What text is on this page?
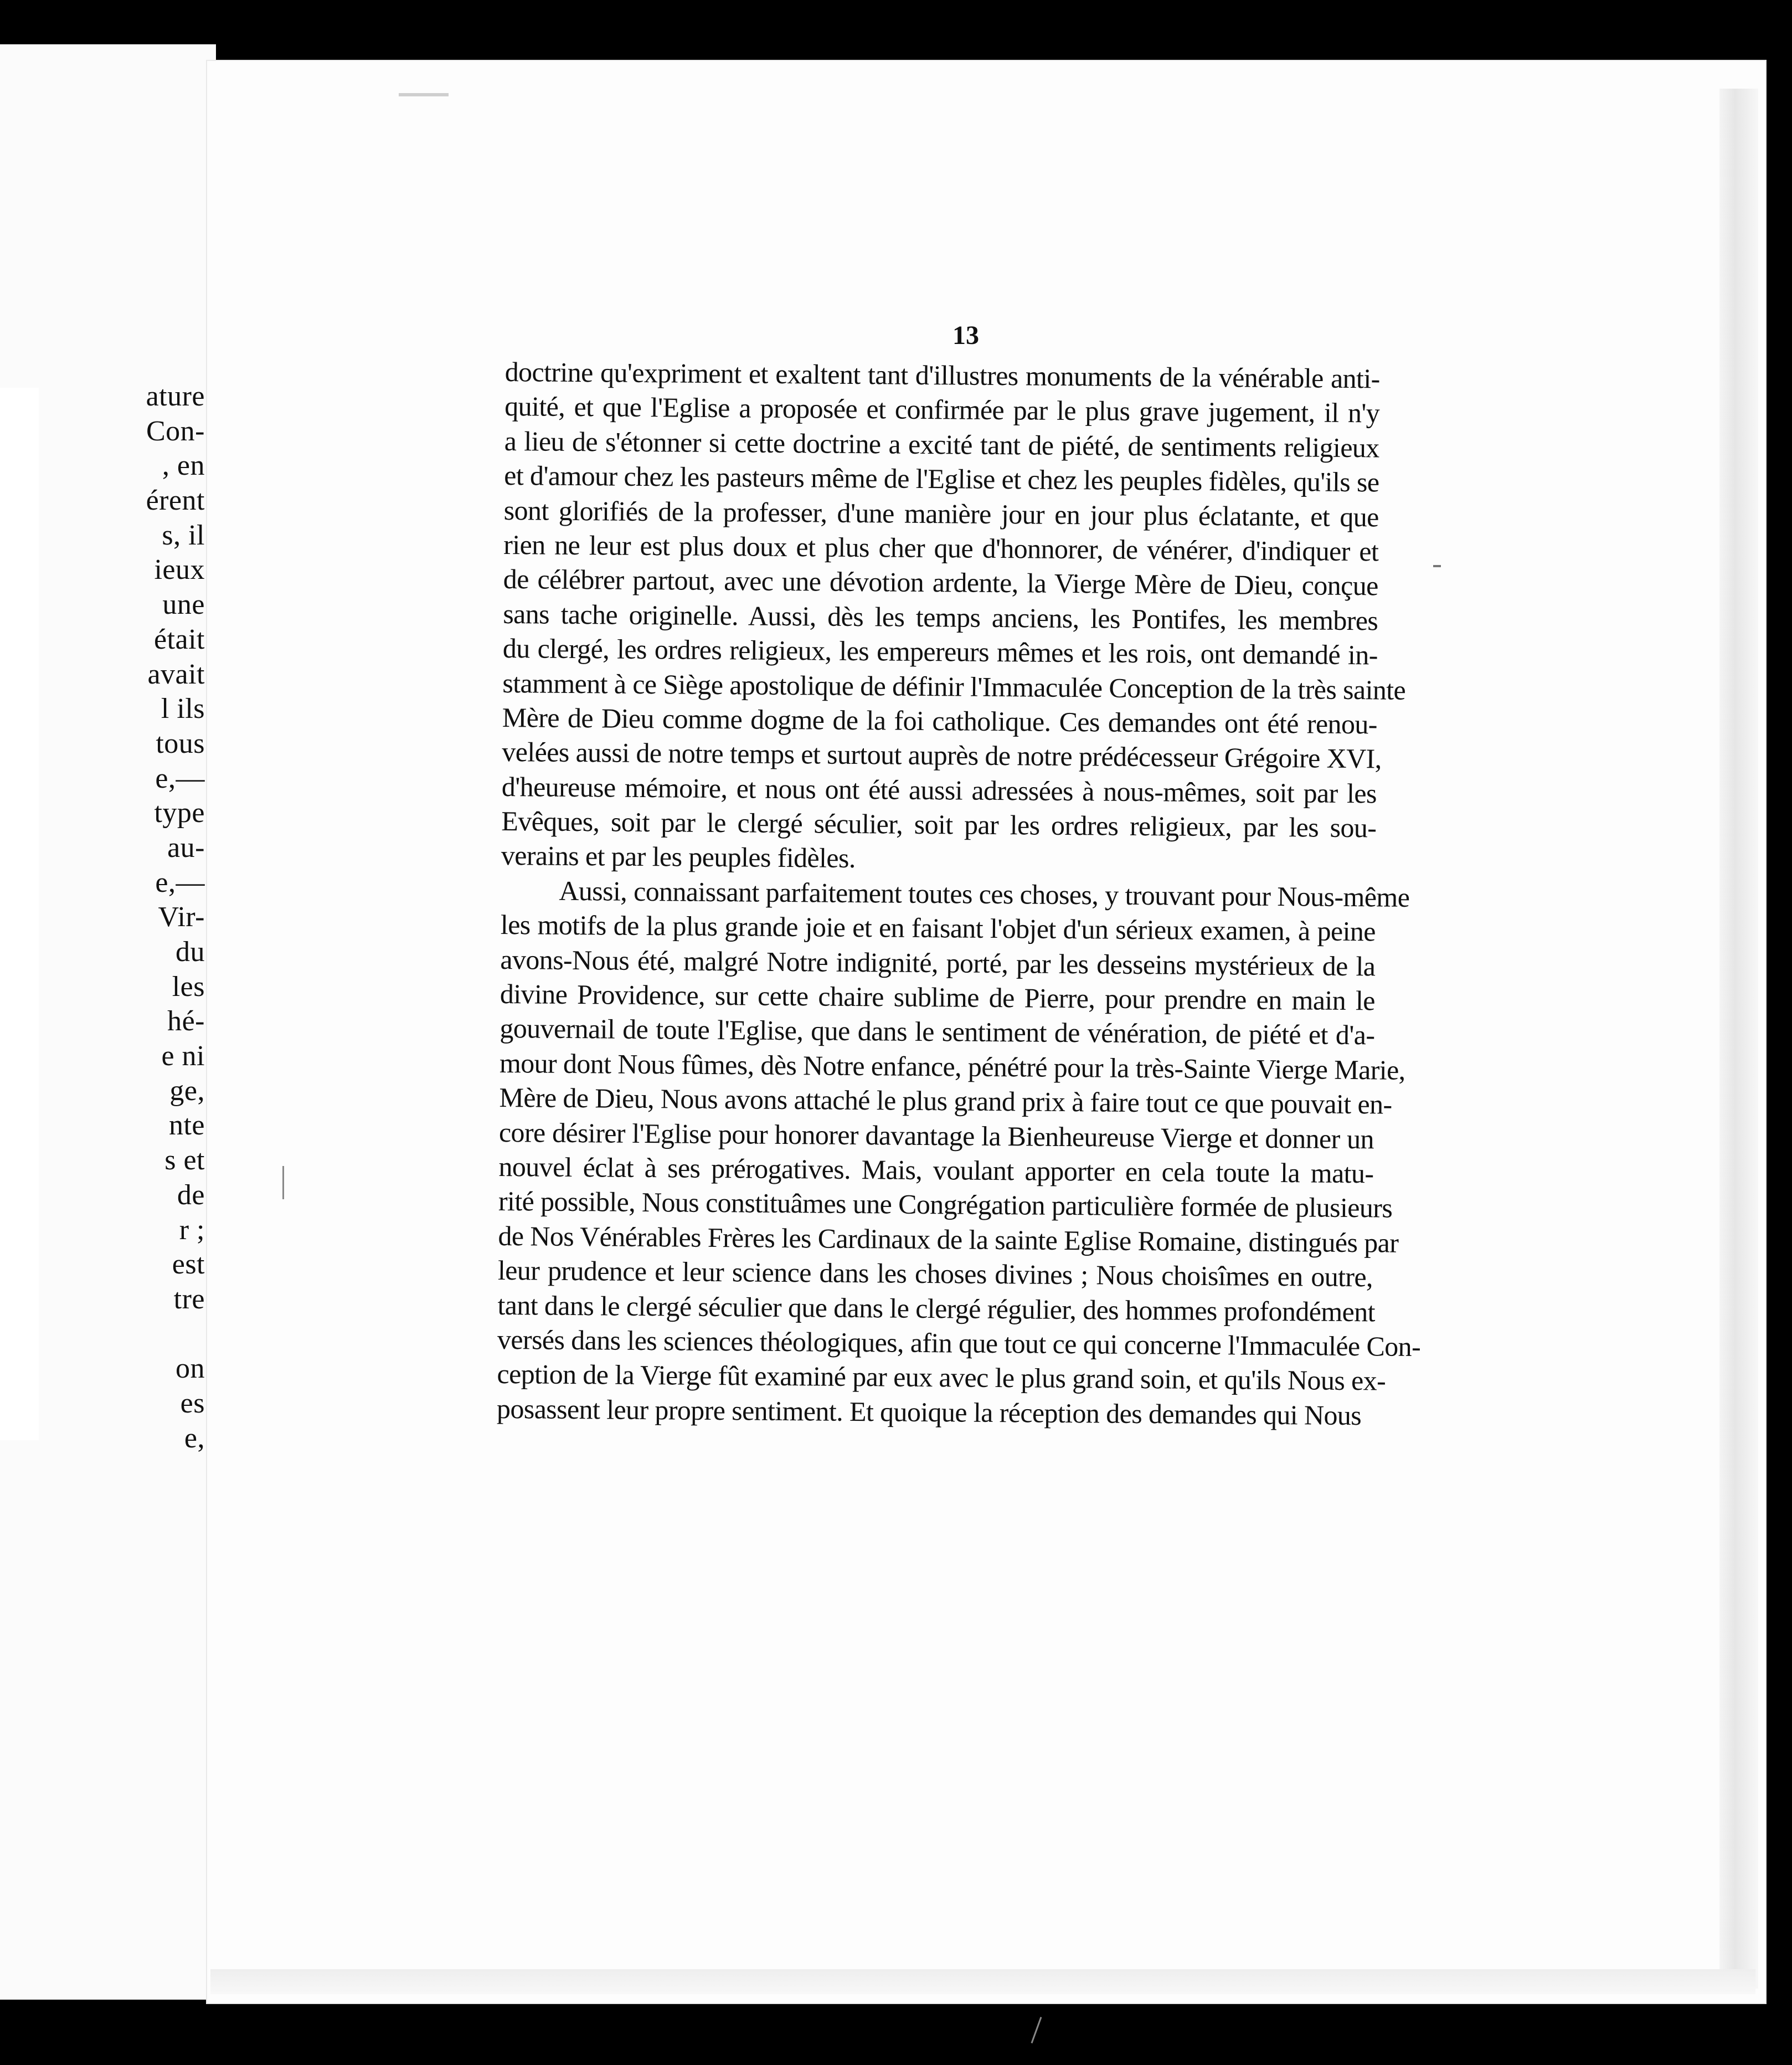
ature
Con-
, en
érent
s, il
ieux
une
était
avait
l ils
tous
e,—
type
au-
e,—
Vir-
du
les
hé-
e ni
ge,
nte
s et
de
r ;
est
tre
on
es
e,
13
doctrine qu'expriment et exaltent tant d'illustres monuments de la vénérable anti-
quité, et que l'Eglise a proposée et confirmée par le plus grave jugement, il n'y
a lieu de s'étonner si cette doctrine a excité tant de piété, de sentiments religieux
et d'amour chez les pasteurs même de l'Eglise et chez les peuples fidèles, qu'ils se
sont glorifiés de la professer, d'une manière jour en jour plus éclatante, et que
rien ne leur est plus doux et plus cher que d'honnorer, de vénérer, d'indiquer et
de célébrer partout, avec une dévotion ardente, la Vierge Mère de Dieu, conçue
sans tache originelle. Aussi, dès les temps anciens, les Pontifes, les membres
du clergé, les ordres religieux, les empereurs mêmes et les rois, ont demandé in-
stamment à ce Siège apostolique de définir l'Immaculée Conception de la très sainte
Mère de Dieu comme dogme de la foi catholique. Ces demandes ont été renou-
velées aussi de notre temps et surtout auprès de notre prédécesseur Grégoire XVI,
d'heureuse mémoire, et nous ont été aussi adressées à nous-mêmes, soit par les
Evêques, soit par le clergé séculier, soit par les ordres religieux, par les sou-
verains et par les peuples fidèles.
Aussi, connaissant parfaitement toutes ces choses, y trouvant pour Nous-même
les motifs de la plus grande joie et en faisant l'objet d'un sérieux examen, à peine
avons-Nous été, malgré Notre indignité, porté, par les desseins mystérieux de la
divine Providence, sur cette chaire sublime de Pierre, pour prendre en main le
gouvernail de toute l'Eglise, que dans le sentiment de vénération, de piété et d'a-
mour dont Nous fûmes, dès Notre enfance, pénétré pour la très-Sainte Vierge Marie,
Mère de Dieu, Nous avons attaché le plus grand prix à faire tout ce que pouvait en-
core désirer l'Eglise pour honorer davantage la Bienheureuse Vierge et donner un
nouvel éclat à ses prérogatives. Mais, voulant apporter en cela toute la matu-
rité possible, Nous constituâmes une Congrégation particulière formée de plusieurs
de Nos Vénérables Frères les Cardinaux de la sainte Eglise Romaine, distingués par
leur prudence et leur science dans les choses divines ; Nous choisîmes en outre,
tant dans le clergé séculier que dans le clergé régulier, des hommes profondément
versés dans les sciences théologiques, afin que tout ce qui concerne l'Immaculée Con-
ception de la Vierge fût examiné par eux avec le plus grand soin, et qu'ils Nous ex-
posassent leur propre sentiment. Et quoique la réception des demandes qui Nous
